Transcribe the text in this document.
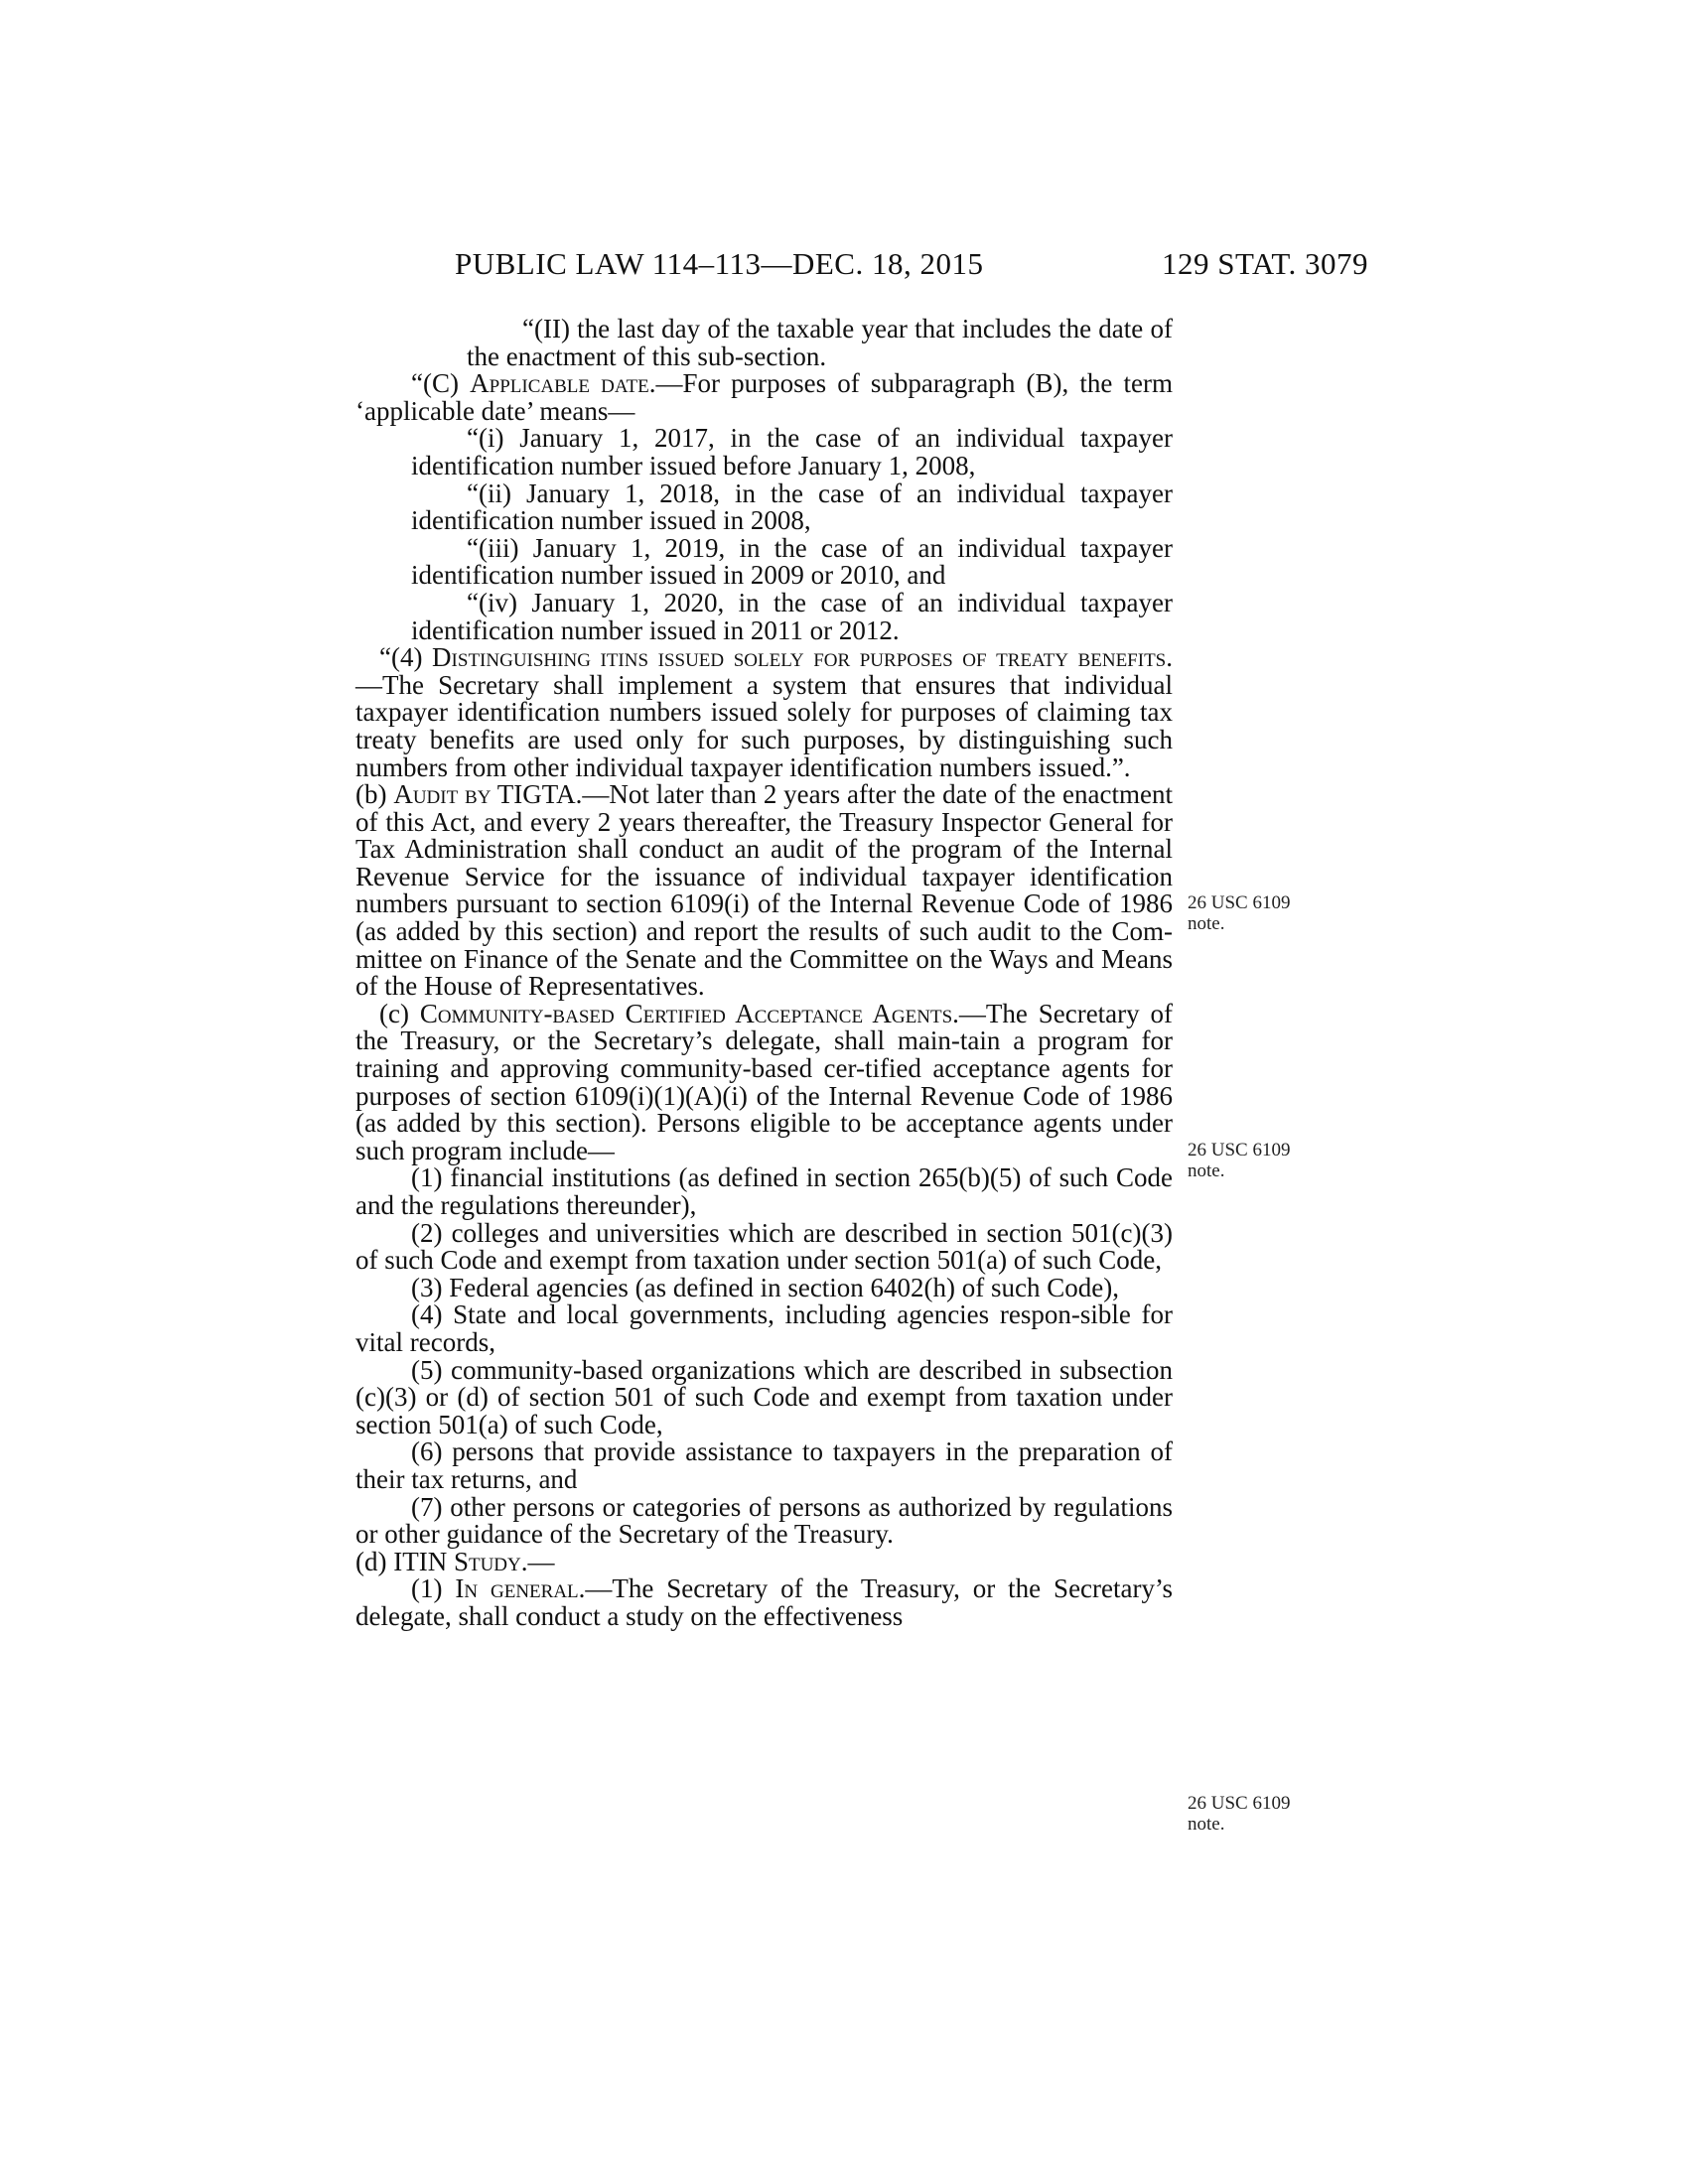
PUBLIC LAW 114–113—DEC. 18, 2015	129 STAT. 3079

“(II) the last day of the taxable year that includes the date of the enactment of this sub-section.

“(C) Applicable date.—For purposes of subparagraph (B), the term ‘applicable date’ means—

“(i) January 1, 2017, in the case of an individual taxpayer identification number issued before January 1, 2008,

“(ii) January 1, 2018, in the case of an individual taxpayer identification number issued in 2008,

“(iii) January 1, 2019, in the case of an individual taxpayer identification number issued in 2009 or 2010, and

“(iv) January 1, 2020, in the case of an individual taxpayer identification number issued in 2011 or 2012.

“(4) Distinguishing itins issued solely for purposes of treaty benefits.—The Secretary shall implement a system that ensures that individual taxpayer identification numbers issued solely for purposes of claiming tax treaty benefits are used only for such purposes, by distinguishing such numbers from other individual taxpayer identification numbers issued.”.

(b) Audit by TIGTA.—Not later than 2 years after the date of the enactment of this Act, and every 2 years thereafter, the Treasury Inspector General for Tax Administration shall conduct an audit of the program of the Internal Revenue Service for the issuance of individual taxpayer identification numbers pursuant to section 6109(i) of the Internal Revenue Code of 1986 (as added by this section) and report the results of such audit to the Com-mittee on Finance of the Senate and the Committee on the Ways and Means of the House of Representatives.

(c) Community-based Certified Acceptance Agents.—The Secretary of the Treasury, or the Secretary’s delegate, shall main-tain a program for training and approving community-based cer-tified acceptance agents for purposes of section 6109(i)(1)(A)(i) of the Internal Revenue Code of 1986 (as added by this section). Persons eligible to be acceptance agents under such program include—

(1) financial institutions (as defined in section 265(b)(5) of such Code and the regulations thereunder),

(2) colleges and universities which are described in section 501(c)(3) of such Code and exempt from taxation under section 501(a) of such Code,

(3) Federal agencies (as defined in section 6402(h) of such Code),

(4) State and local governments, including agencies respon-sible for vital records,

(5) community-based organizations which are described in subsection (c)(3) or (d) of section 501 of such Code and exempt from taxation under section 501(a) of such Code,

(6) persons that provide assistance to taxpayers in the preparation of their tax returns, and

(7) other persons or categories of persons as authorized by regulations or other guidance of the Secretary of the Treasury.

(d) ITIN Study.—

(1) In general.—The Secretary of the Treasury, or the Secretary’s delegate, shall conduct a study on the effectiveness

26 USC 6109
note.
26 USC 6109
note.
26 USC 6109
note.
